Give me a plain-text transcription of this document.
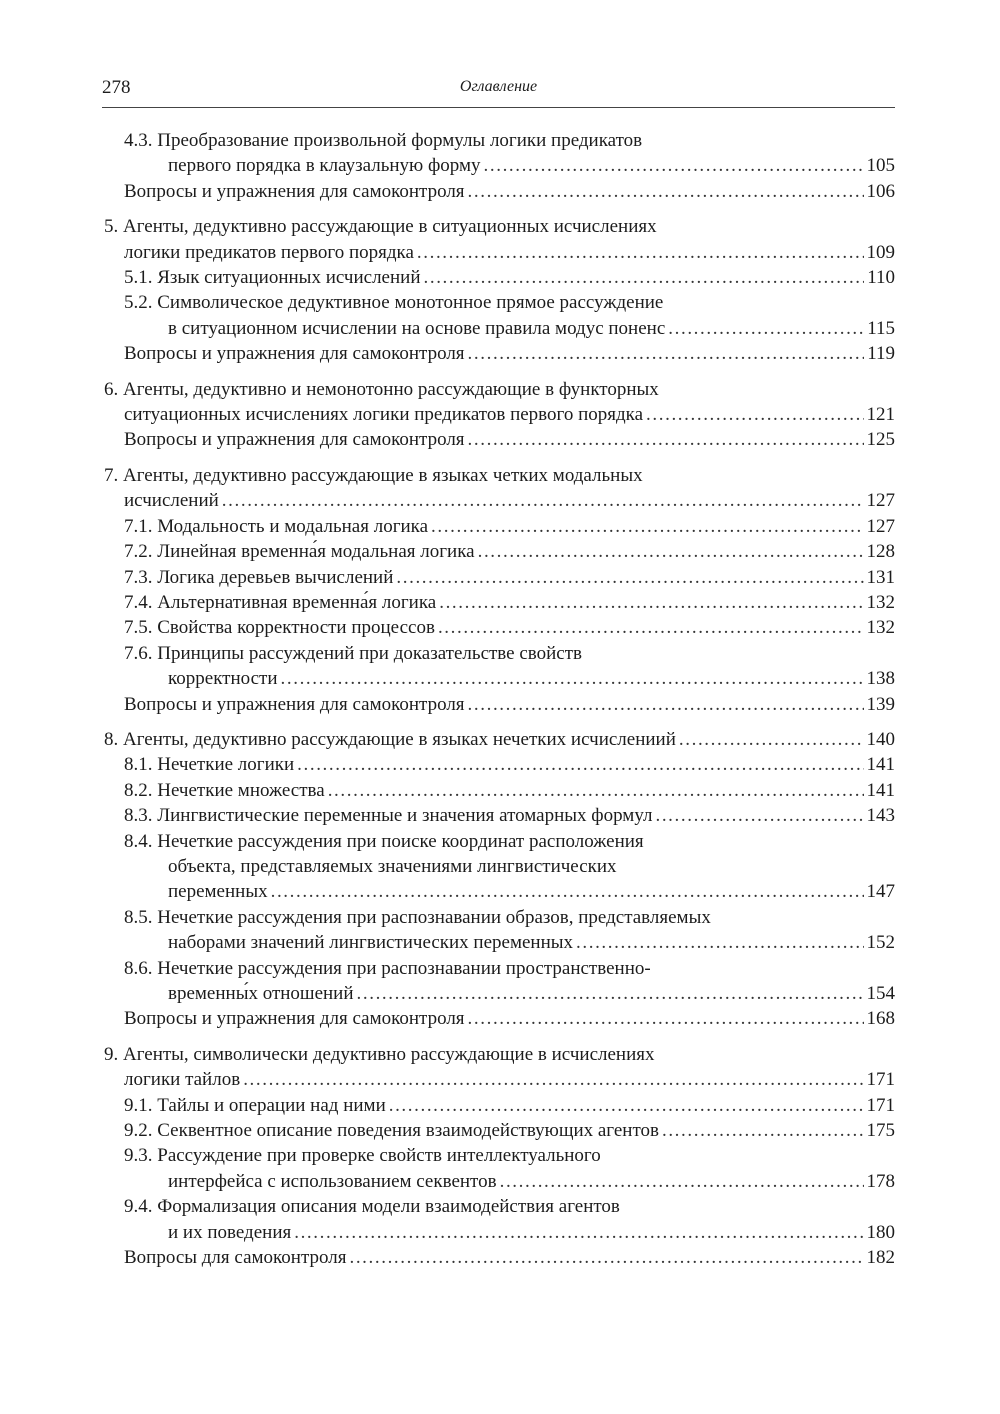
278	Оглавление
4.3. Преобразование произвольной формулы логики предикатов
первого порядка в клаузальную форму .....	105
Вопросы и упражнения для самоконтроля .....	106
5. Агенты, дедуктивно рассуждающие в ситуационных исчислениях
логики предикатов первого порядка .....	109
5.1. Язык ситуационных исчислений .....	110
5.2. Символическое дедуктивное монотонное прямое рассуждение
в ситуационном исчислении на основе правила модус поненс .....	115
Вопросы и упражнения для самоконтроля .....	119
6. Агенты, дедуктивно и немонотонно рассуждающие в функторных
ситуационных исчислениях логики предикатов первого порядка .....	121
Вопросы и упражнения для самоконтроля .....	125
7. Агенты, дедуктивно рассуждающие в языках четких модальных
исчислений .....	127
7.1. Модальность и модальная логика .....	127
7.2. Линейная временна́я модальная логика .....	128
7.3. Логика деревьев вычислений .....	131
7.4. Альтернативная временна́я логика .....	132
7.5. Свойства корректности процессов .....	132
7.6. Принципы рассуждений при доказательстве свойств
корректности .....	138
Вопросы и упражнения для самоконтроля .....	139
8. Агенты, дедуктивно рассуждающие в языках нечетких исчислениий .....	140
8.1. Нечеткие логики .....	141
8.2. Нечеткие множества .....	141
8.3. Лингвистические переменные и значения атомарных формул .....	143
8.4. Нечеткие рассуждения при поиске координат расположения
объекта, представляемых значениями лингвистических
переменных .....	147
8.5. Нечеткие рассуждения при распознавании образов, представляемых
наборами значений лингвистических переменных .....	152
8.6. Нечеткие рассуждения при распознавании пространственно-
временны́х отношений .....	154
Вопросы и упражнения для самоконтроля .....	168
9. Агенты, символически дедуктивно рассуждающие в исчислениях
логики тайлов .....	171
9.1. Тайлы и операции над ними .....	171
9.2. Секвентное описание поведения взаимодействующих агентов .....	175
9.3. Рассуждение при проверке свойств интеллектуального
интерфейса с использованием секвентов .....	178
9.4. Формализация описания модели взаимодействия агентов
и их поведения .....	180
Вопросы для самоконтроля .....	182
